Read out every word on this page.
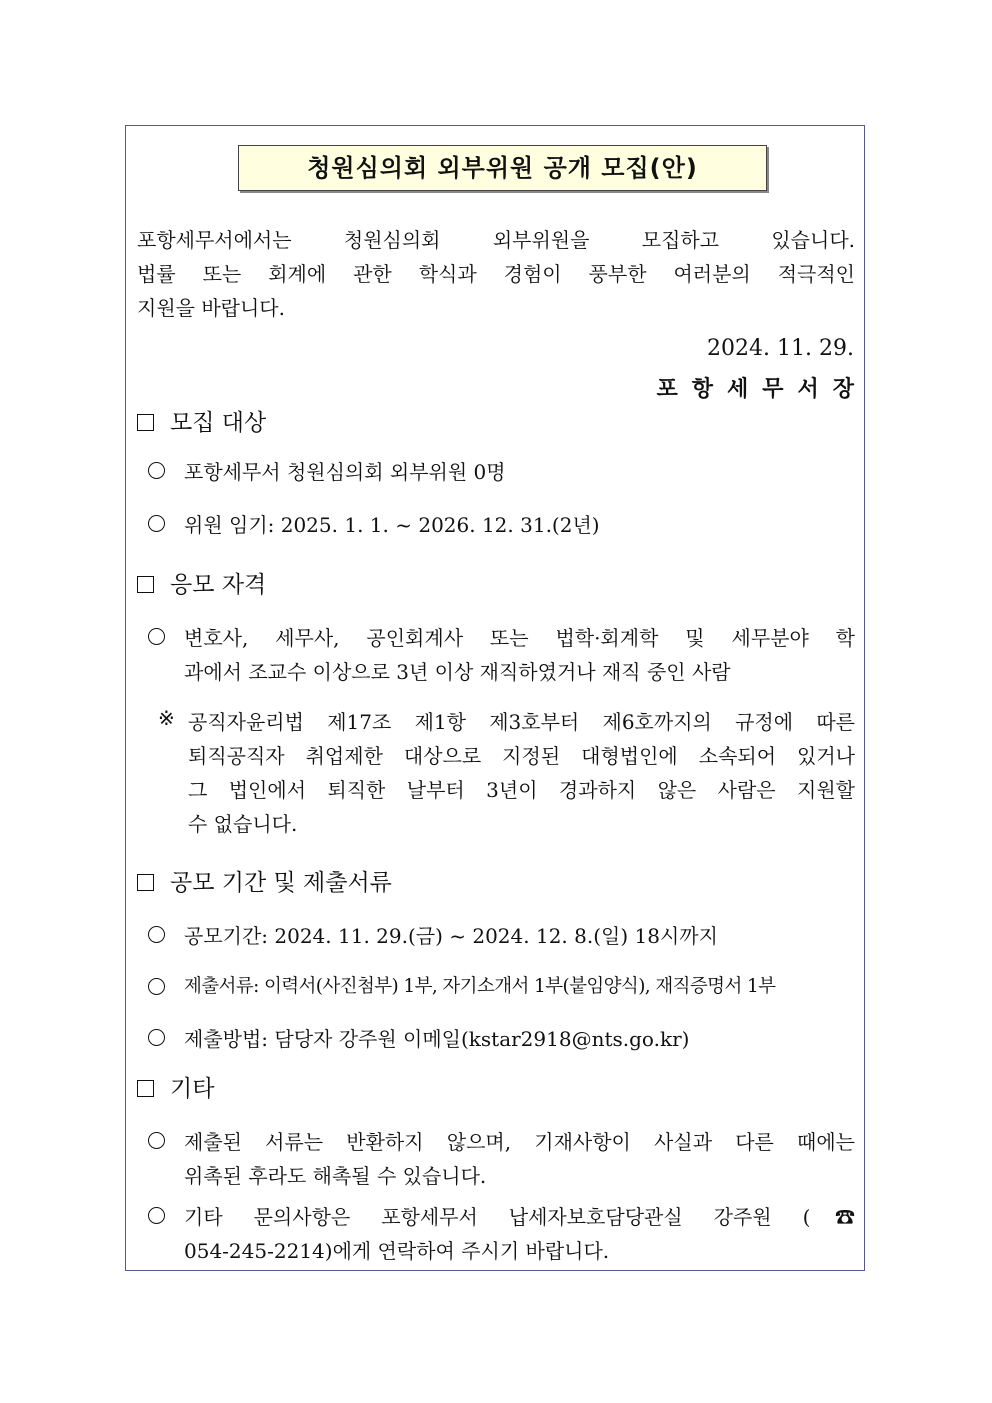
청원심의회 외부위원 공개 모집(안)
포항세무서에서는 청원심의회 외부위원을 모집하고 있습니다.
법률 또는 회계에 관한 학식과 경험이 풍부한 여러분의 적극적인
지원을 바랍니다.
2024. 11. 29.
포항세무서장
모집 대상
포항세무서 청원심의회 외부위원 0명
위원 임기: 2025. 1. 1. ~ 2026. 12. 31.(2년)
응모 자격
변호사, 세무사, 공인회계사 또는 법학·회계학 및 세무분야 학
과에서 조교수 이상으로 3년 이상 재직하였거나 재직 중인 사람
※ 공직자윤리법 제17조 제1항 제3호부터 제6호까지의 규정에 따른
퇴직공직자 취업제한 대상으로 지정된 대형법인에 소속되어 있거나
그 법인에서 퇴직한 날부터 3년이 경과하지 않은 사람은 지원할
수 없습니다.
공모 기간 및 제출서류
공모기간: 2024. 11. 29.(금) ~ 2024. 12. 8.(일) 18시까지
제출서류: 이력서(사진첨부) 1부, 자기소개서 1부(붙임양식), 재직증명서 1부
제출방법: 담당자 강주원 이메일(kstar2918@nts.go.kr)
기타
제출된 서류는 반환하지 않으며, 기재사항이 사실과 다른 때에는
위촉된 후라도 해촉될 수 있습니다.
기타 문의사항은 포항세무서 납세자보호담당관실 강주원 (☎
054-245-2214)에게 연락하여 주시기 바랍니다.
